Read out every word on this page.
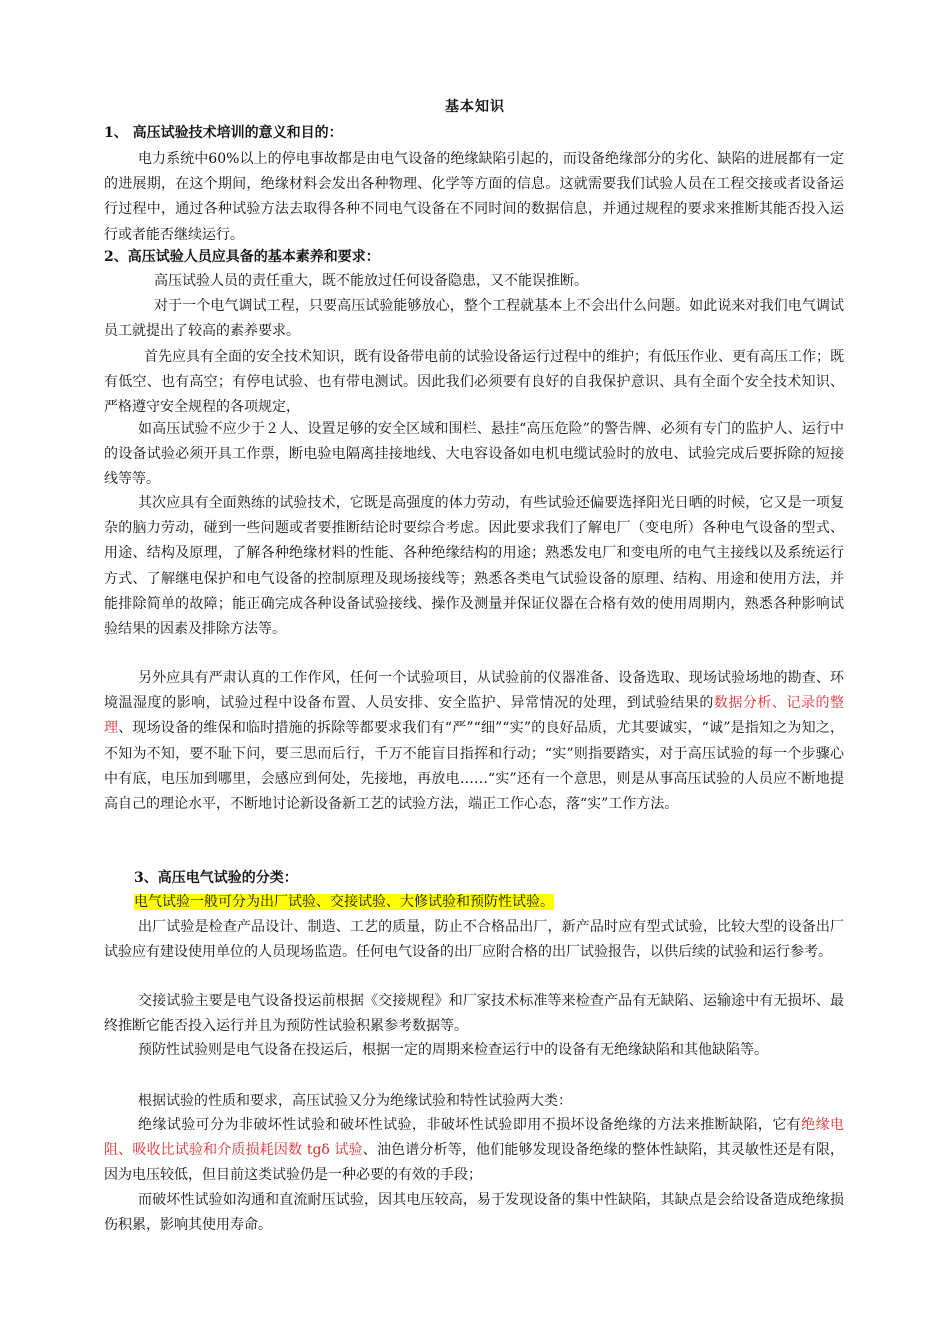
基本知识
1、 高压试验技术培训的意义和目的：
电力系统中60%以上的停电事故都是由电气设备的绝缘缺陷引起的，而设备绝缘部分的劣化、缺陷的进展都有一定的进展期，在这个期间，绝缘材料会发出各种物理、化学等方面的信息。这就需要我们试验人员在工程交接或者设备运行过程中，通过各种试验方法去取得各种不同电气设备在不同时间的数据信息，并通过规程的要求来推断其能否投入运行或者能否继续运行。
2、高压试验人员应具备的基本素养和要求：
高压试验人员的责任重大，既不能放过任何设备隐患，又不能误推断。
对于一个电气调试工程，只要高压试验能够放心，整个工程就基本上不会出什么问题。如此说来对我们电气调试员工就提出了较高的素养要求。
首先应具有全面的安全技术知识，既有设备带电前的试验设备运行过程中的维护；有低压作业、更有高压工作；既有低空、也有高空；有停电试验、也有带电测试。因此我们必须要有良好的自我保护意识、具有全面个安全技术知识、严格遵守安全规程的各项规定，
如高压试验不应少于２人、设置足够的安全区域和围栏、悬挂“高压危险”的警告牌、必须有专门的监护人、运行中的设备试验必须开具工作票，断电验电隔离挂接地线、大电容设备如电机电缆试验时的放电、试验完成后要拆除的短接线等等。
其次应具有全面熟练的试验技术，它既是高强度的体力劳动，有些试验还偏要选择阳光日晒的时候，它又是一项复杂的脑力劳动，碰到一些问题或者要推断结论时要综合考虑。因此要求我们了解电厂（变电所）各种电气设备的型式、用途、结构及原理，了解各种绝缘材料的性能、各种绝缘结构的用途；熟悉发电厂和变电所的电气主接线以及系统运行方式、了解继电保护和电气设备的控制原理及现场接线等；熟悉各类电气试验设备的原理、结构、用途和使用方法，并能排除简单的故障；能正确完成各种设备试验接线、操作及测量并保证仪器在合格有效的使用周期内，熟悉各种影响试验结果的因素及排除方法等。
另外应具有严肃认真的工作作风，任何一个试验项目，从试验前的仪器准备、设备选取、现场试验场地的勘查、环境温湿度的影响，试验过程中设备布置、人员安排、安全监护、异常情况的处理，到试验结果的数据分析、记录的整理、现场设备的维保和临时措施的拆除等都要求我们有“严”“细”“实”的良好品质，尤其要诚实，“诚”是指知之为知之，不知为不知，要不耻下问，要三思而后行，千万不能盲目指挥和行动；“实”则指要踏实，对于高压试验的每一个步骤心中有底，电压加到哪里，会感应到何处，先接地，再放电……“实”还有一个意思，则是从事高压试验的人员应不断地提高自己的理论水平，不断地讨论新设备新工艺的试验方法，端正工作心态，落“实”工作方法。
3、高压电气试验的分类：
电气试验一般可分为出厂试验、交接试验、大修试验和预防性试验。
出厂试验是检查产品设计、制造、工艺的质量，防止不合格品出厂，新产品时应有型式试验，比较大型的设备出厂试验应有建设使用单位的人员现场监造。任何电气设备的出厂应附合格的出厂试验报告，以供后续的试验和运行参考。
交接试验主要是电气设备投运前根据《交接规程》和厂家技术标准等来检查产品有无缺陷、运输途中有无损坏、最终推断它能否投入运行并且为预防性试验积累参考数据等。
预防性试验则是电气设备在投运后，根据一定的周期来检查运行中的设备有无绝缘缺陷和其他缺陷等。
根据试验的性质和要求，高压试验又分为绝缘试验和特性试验两大类：
绝缘试验可分为非破坏性试验和破坏性试验，非破坏性试验即用不损坏设备绝缘的方法来推断缺陷，它有绝缘电阻、吸收比试验和介质损耗因数 tgδ 试验、油色谱分析等，他们能够发现设备绝缘的整体性缺陷，其灵敏性还是有限，因为电压较低，但目前这类试验仍是一种必要的有效的手段；
而破坏性试验如沟通和直流耐压试验，因其电压较高，易于发现设备的集中性缺陷，其缺点是会给设备造成绝缘损伤积累，影响其使用寿命。
